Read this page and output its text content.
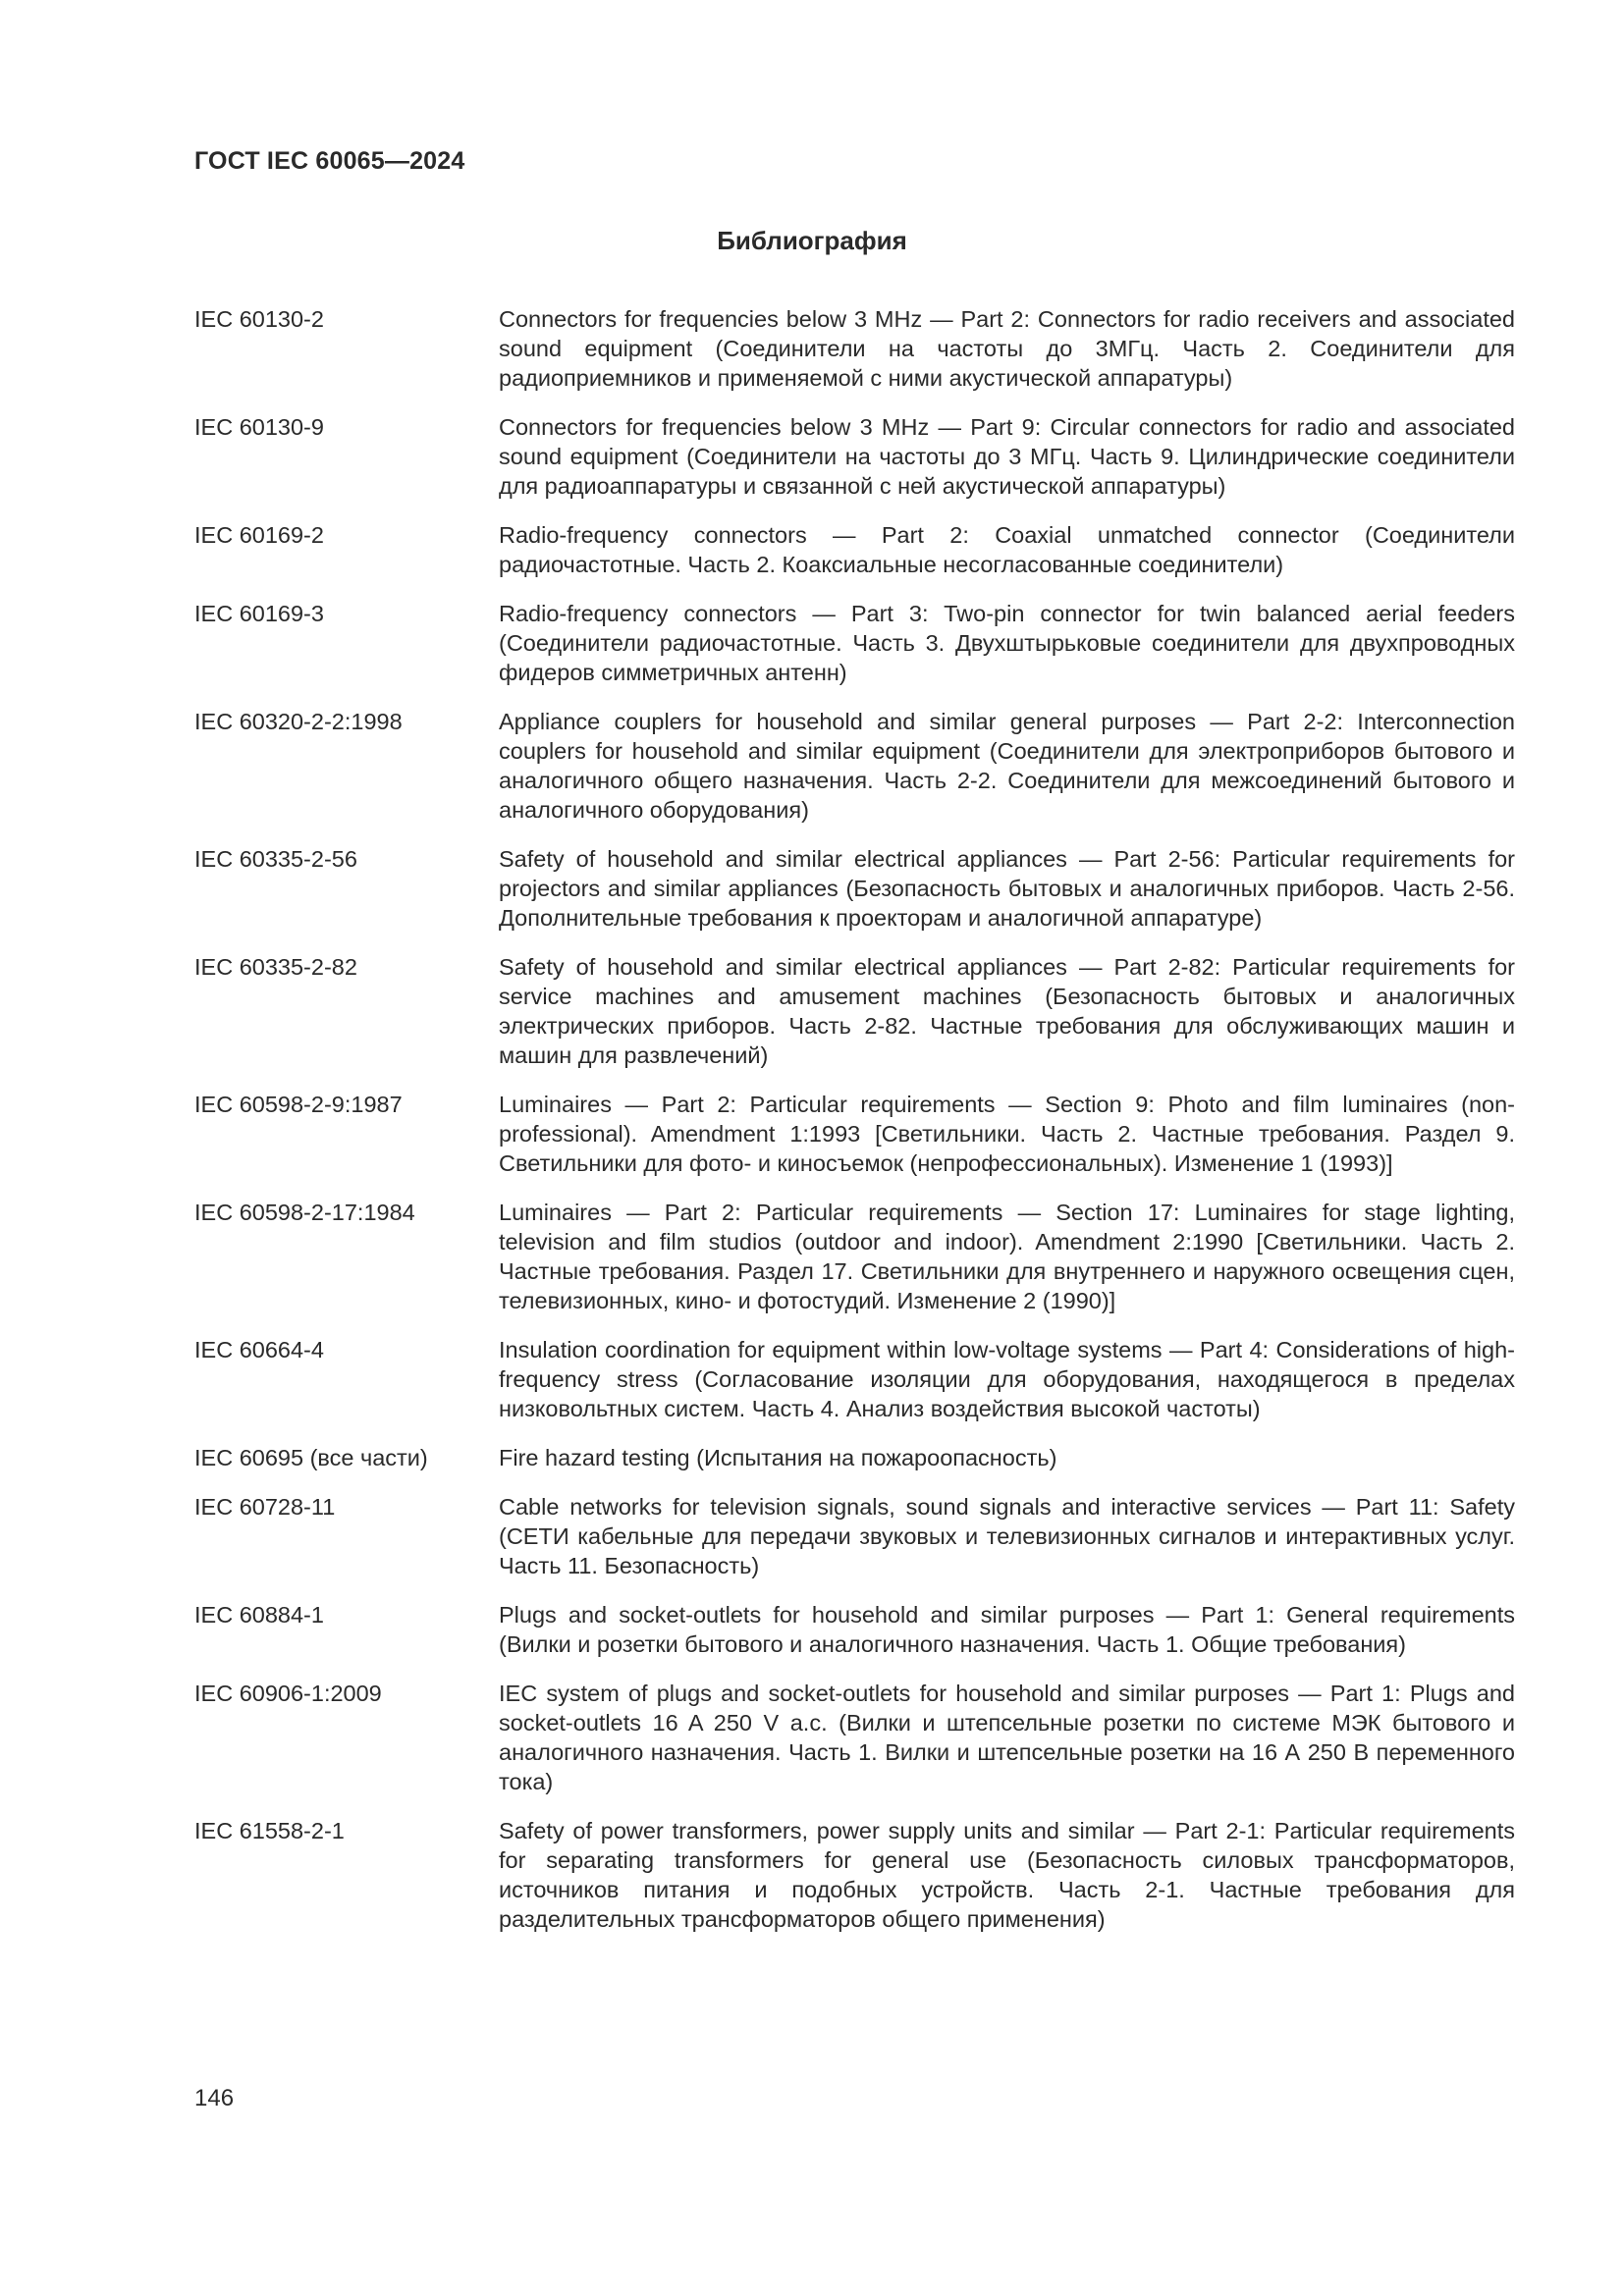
ГОСТ IEC 60065—2024
Библиография
IEC 60130-2	Connectors for frequencies below 3 MHz — Part 2: Connectors for radio receivers and associated sound equipment (Соединители на частоты до 3МГц. Часть 2. Соединители для радиоприемников и применяемой с ними акустической аппаратуры)
IEC 60130-9	Connectors for frequencies below 3 MHz — Part 9: Circular connectors for radio and associated sound equipment (Соединители на частоты до 3 МГц. Часть 9. Цилиндрические соединители для радиоаппаратуры и связанной с ней акустической аппаратуры)
IEC 60169-2	Radio-frequency connectors — Part 2: Coaxial unmatched connector (Соединители радиочастотные. Часть 2. Коаксиальные несогласованные соединители)
IEC 60169-3	Radio-frequency connectors — Part 3: Two-pin connector for twin balanced aerial feeders (Соединители радиочастотные. Часть 3. Двухштырьковые соединители для двухпроводных фидеров симметричных антенн)
IEC 60320-2-2:1998	Appliance couplers for household and similar general purposes — Part 2-2: Interconnection couplers for household and similar equipment (Соединители для электроприборов бытового и аналогичного общего назначения. Часть 2-2. Соединители для межсоединений бытового и аналогичного оборудования)
IEC 60335-2-56	Safety of household and similar electrical appliances — Part 2-56: Particular requirements for projectors and similar appliances (Безопасность бытовых и аналогичных приборов. Часть 2-56. Дополнительные требования к проекторам и аналогичной аппаратуре)
IEC 60335-2-82	Safety of household and similar electrical appliances — Part 2-82: Particular requirements for service machines and amusement machines (Безопасность бытовых и аналогичных электрических приборов. Часть 2-82. Частные требования для обслуживающих машин и машин для развлечений)
IEC 60598-2-9:1987	Luminaires — Part 2: Particular requirements — Section 9: Photo and film luminaires (non-professional). Amendment 1:1993 [Светильники. Часть 2. Частные требования. Раздел 9. Светильники для фото- и киносъемок (непрофессиональных). Изменение 1 (1993)]
IEC 60598-2-17:1984	Luminaires — Part 2: Particular requirements — Section 17: Luminaires for stage lighting, television and film studios (outdoor and indoor). Amendment 2:1990 [Светильники. Часть 2. Частные требования. Раздел 17. Светильники для внутреннего и наружного освещения сцен, телевизионных, кино- и фотостудий. Изменение 2 (1990)]
IEC 60664-4	Insulation coordination for equipment within low-voltage systems — Part 4: Considerations of high-frequency stress (Согласование изоляции для оборудования, находящегося в пределах низковольтных систем. Часть 4. Анализ воздействия высокой частоты)
IEC 60695 (все части)	Fire hazard testing (Испытания на пожароопасность)
IEC 60728-11	Cable networks for television signals, sound signals and interactive services — Part 11: Safety (СЕТИ кабельные для передачи звуковых и телевизионных сигналов и интерактивных услуг. Часть 11. Безопасность)
IEC 60884-1	Plugs and socket-outlets for household and similar purposes — Part 1: General requirements (Вилки и розетки бытового и аналогичного назначения. Часть 1. Общие требования)
IEC 60906-1:2009	IEC system of plugs and socket-outlets for household and similar purposes — Part 1: Plugs and socket-outlets 16 A 250 V a.c. (Вилки и штепсельные розетки по системе МЭК бытового и аналогичного назначения. Часть 1. Вилки и штепсельные розетки на 16 А 250 В переменного тока)
IEC 61558-2-1	Safety of power transformers, power supply units and similar — Part 2-1: Particular requirements for separating transformers for general use (Безопасность силовых трансформаторов, источников питания и подобных устройств. Часть 2-1. Частные требования для разделительных трансформаторов общего применения)

146
